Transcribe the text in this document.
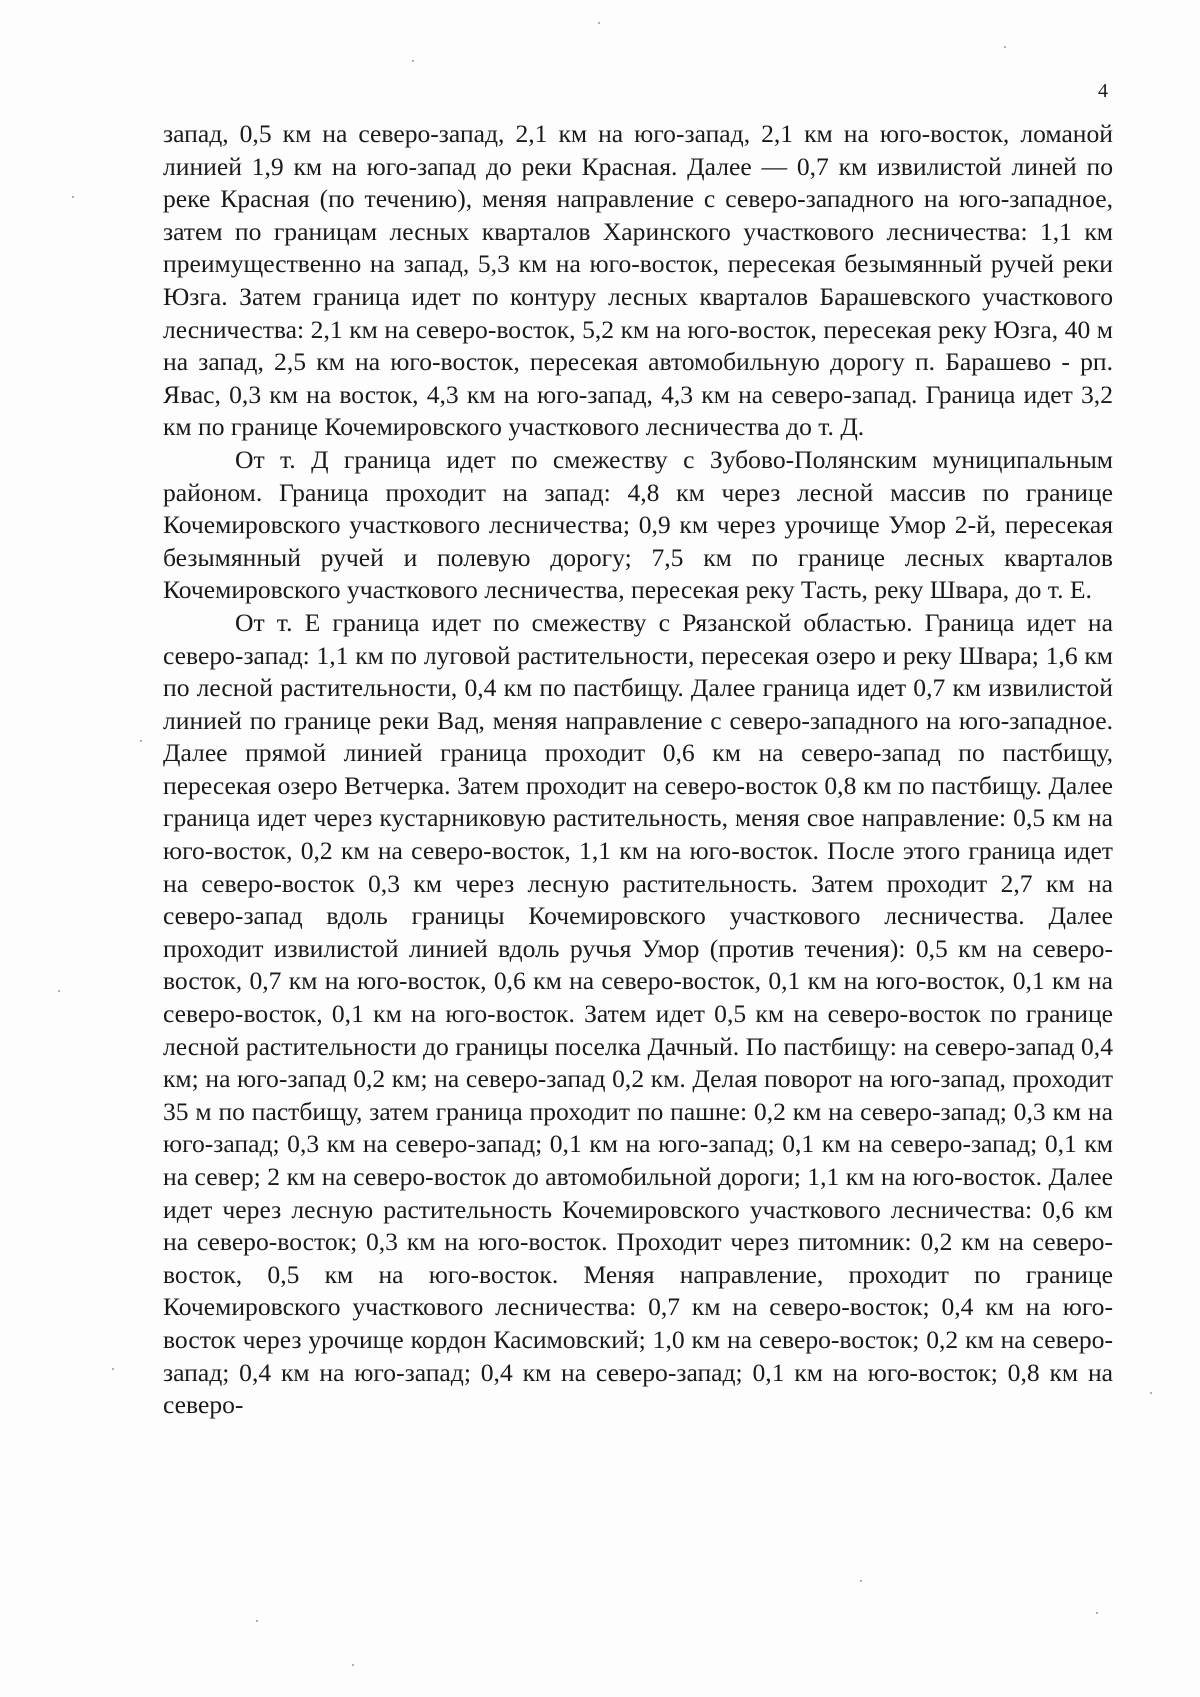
4

запад, 0,5 км на северо-запад, 2,1 км на юго-запад, 2,1 км на юго-восток, ломаной линией 1,9 км на юго-запад до реки Красная. Далее — 0,7 км извилистой линей по реке Красная (по течению), меняя направление с северо-западного на юго-западное, затем по границам лесных кварталов Харинского участкового лесничества: 1,1 км преимущественно на запад, 5,3 км на юго-восток, пересекая безымянный ручей реки Юзга. Затем граница идет по контуру лесных кварталов Барашевского участкового лесничества: 2,1 км на северо-восток, 5,2 км на юго-восток, пересекая реку Юзга, 40 м на запад, 2,5 км на юго-восток, пересекая автомобильную дорогу п. Барашево - рп. Явас, 0,3 км на восток, 4,3 км на юго-запад, 4,3 км на северо-запад. Граница идет 3,2 км по границе Кочемировского участкового лесничества до т. Д.

От т. Д граница идет по смежеству с Зубово-Полянским муниципальным районом. Граница проходит на запад: 4,8 км через лесной массив по границе Кочемировского участкового лесничества; 0,9 км через урочище Умор 2-й, пересекая безымянный ручей и полевую дорогу; 7,5 км по границе лесных кварталов Кочемировского участкового лесничества, пересекая реку Тасть, реку Швара, до т. Е.

От т. Е граница идет по смежеству с Рязанской областью. Граница идет на северо-запад: 1,1 км по луговой растительности, пересекая озеро и реку Швара; 1,6 км по лесной растительности, 0,4 км по пастбищу. Далее граница идет 0,7 км извилистой линией по границе реки Вад, меняя направление с северо-западного на юго-западное. Далее прямой линией граница проходит 0,6 км на северо-запад по пастбищу, пересекая озеро Ветчерка. Затем проходит на северо-восток 0,8 км по пастбищу. Далее граница идет через кустарниковую растительность, меняя свое направление: 0,5 км на юго-восток, 0,2 км на северо-восток, 1,1 км на юго-восток. После этого граница идет на северо-восток 0,3 км через лесную растительность. Затем проходит 2,7 км на северо-запад вдоль границы Кочемировского участкового лесничества. Далее проходит извилистой линией вдоль ручья Умор (против течения): 0,5 км на северо-восток, 0,7 км на юго-восток, 0,6 км на северо-восток, 0,1 км на юго-восток, 0,1 км на северо-восток, 0,1 км на юго-восток. Затем идет 0,5 км на северо-восток по границе лесной растительности до границы поселка Дачный. По пастбищу: на северо-запад 0,4 км; на юго-запад 0,2 км; на северо-запад 0,2 км. Делая поворот на юго-запад, проходит 35 м по пастбищу, затем граница проходит по пашне: 0,2 км на северо-запад; 0,3 км на юго-запад; 0,3 км на северо-запад; 0,1 км на юго-запад; 0,1 км на северо-запад; 0,1 км на север; 2 км на северо-восток до автомобильной дороги; 1,1 км на юго-восток. Далее идет через лесную растительность Кочемировского участкового лесничества: 0,6 км на северо-восток; 0,3 км на юго-восток. Проходит через питомник: 0,2 км на северо-восток, 0,5 км на юго-восток. Меняя направление, проходит по границе Кочемировского участкового лесничества: 0,7 км на северо-восток; 0,4 км на юго-восток через урочище кордон Касимовский; 1,0 км на северо-восток; 0,2 км на северо-запад; 0,4 км на юго-запад; 0,4 км на северо-запад; 0,1 км на юго-восток; 0,8 км на северо-
